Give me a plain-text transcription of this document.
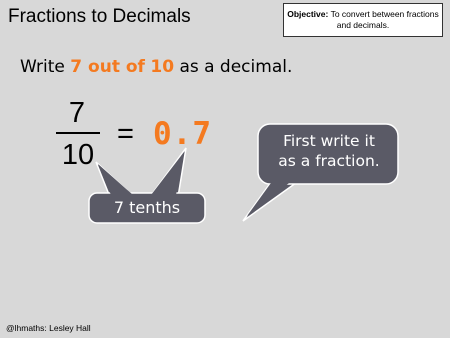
Fractions to Decimals	Objective: To convert between fractions and decimals.
Write 7 out of 10 as a decimal.
7
10
= 0.7
7 tenths
First write it
as a fraction.
@lhmaths: Lesley Hall
